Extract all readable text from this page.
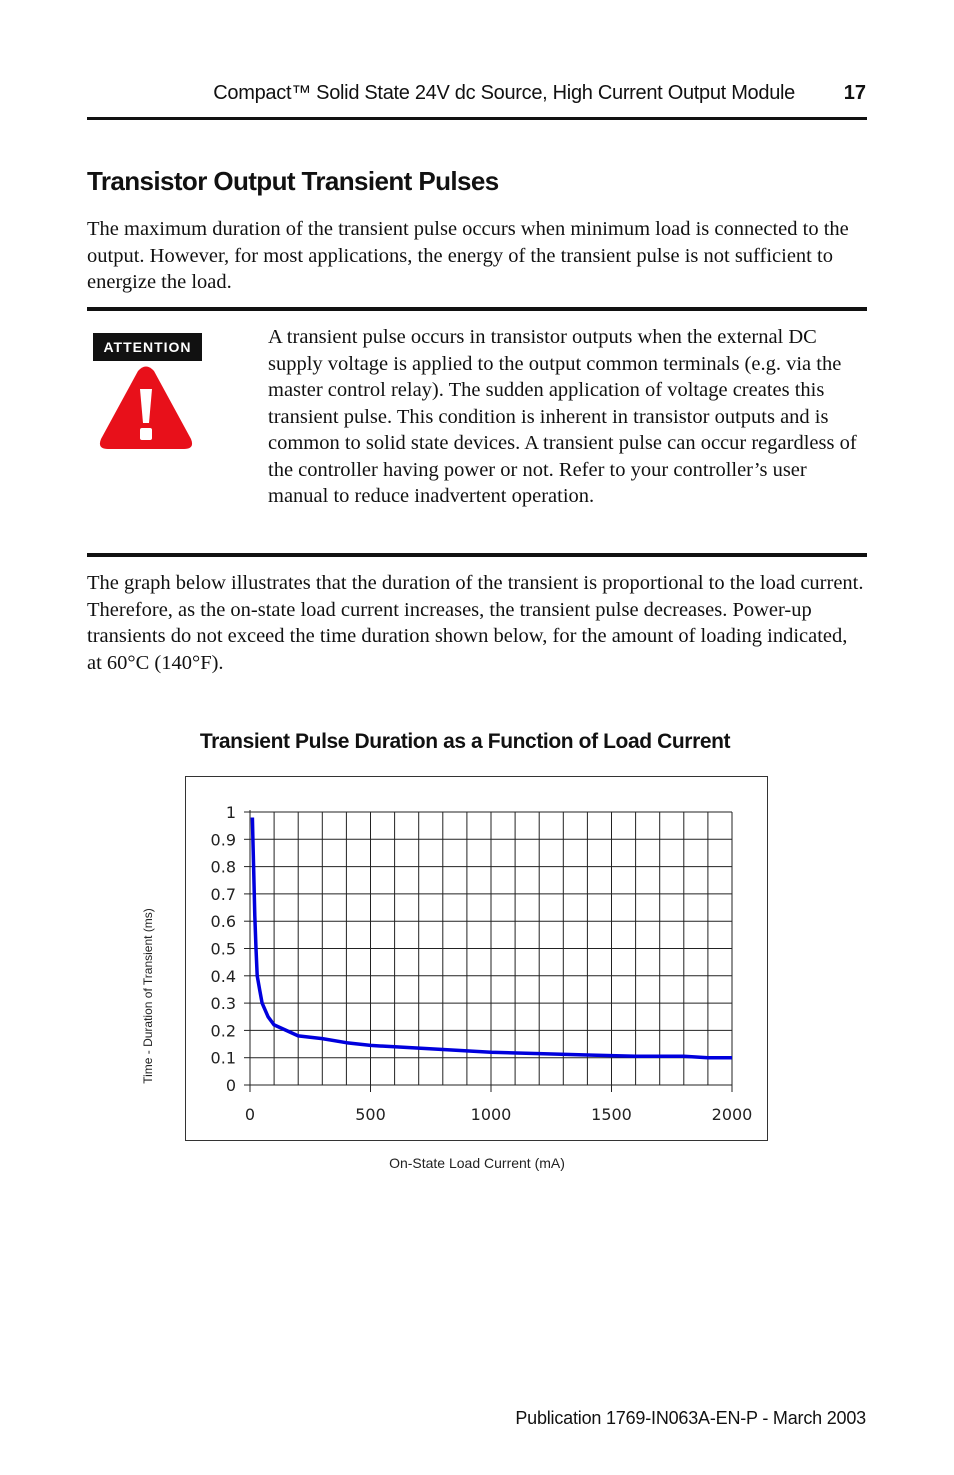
Compact™ Solid State 24V dc Source, High Current Output Module	17
Transistor Output Transient Pulses

The maximum duration of the transient pulse occurs when minimum load is connected to the output. However, for most applications, the energy of the transient pulse is not sufficient to energize the load.

ATTENTION	A transient pulse occurs in transistor outputs when the external DC supply voltage is applied to the output common terminals (e.g. via the master control relay). The sudden application of voltage creates this transient pulse. This condition is inherent in transistor outputs and is common to solid state devices. A transient pulse can occur regardless of the controller having power or not. Refer to your controller’s user manual to reduce inadvertent operation.

The graph below illustrates that the duration of the transient is proportional to the load current. Therefore, as the on-state load current increases, the transient pulse decreases. Power-up transients do not exceed the time duration shown below, for the amount of loading indicated, at 60°C (140°F).

Transient Pulse Duration as a Function of Load Current
0
0.1
0.2
0.3
0.4
0.5
0.6
0.7
0.8
0.9
1
0	500	1000	1500	2000
Time - Duration of Transient (ms)
On-State Load Current (mA)
Publication 1769-IN063A-EN-P - March 2003
